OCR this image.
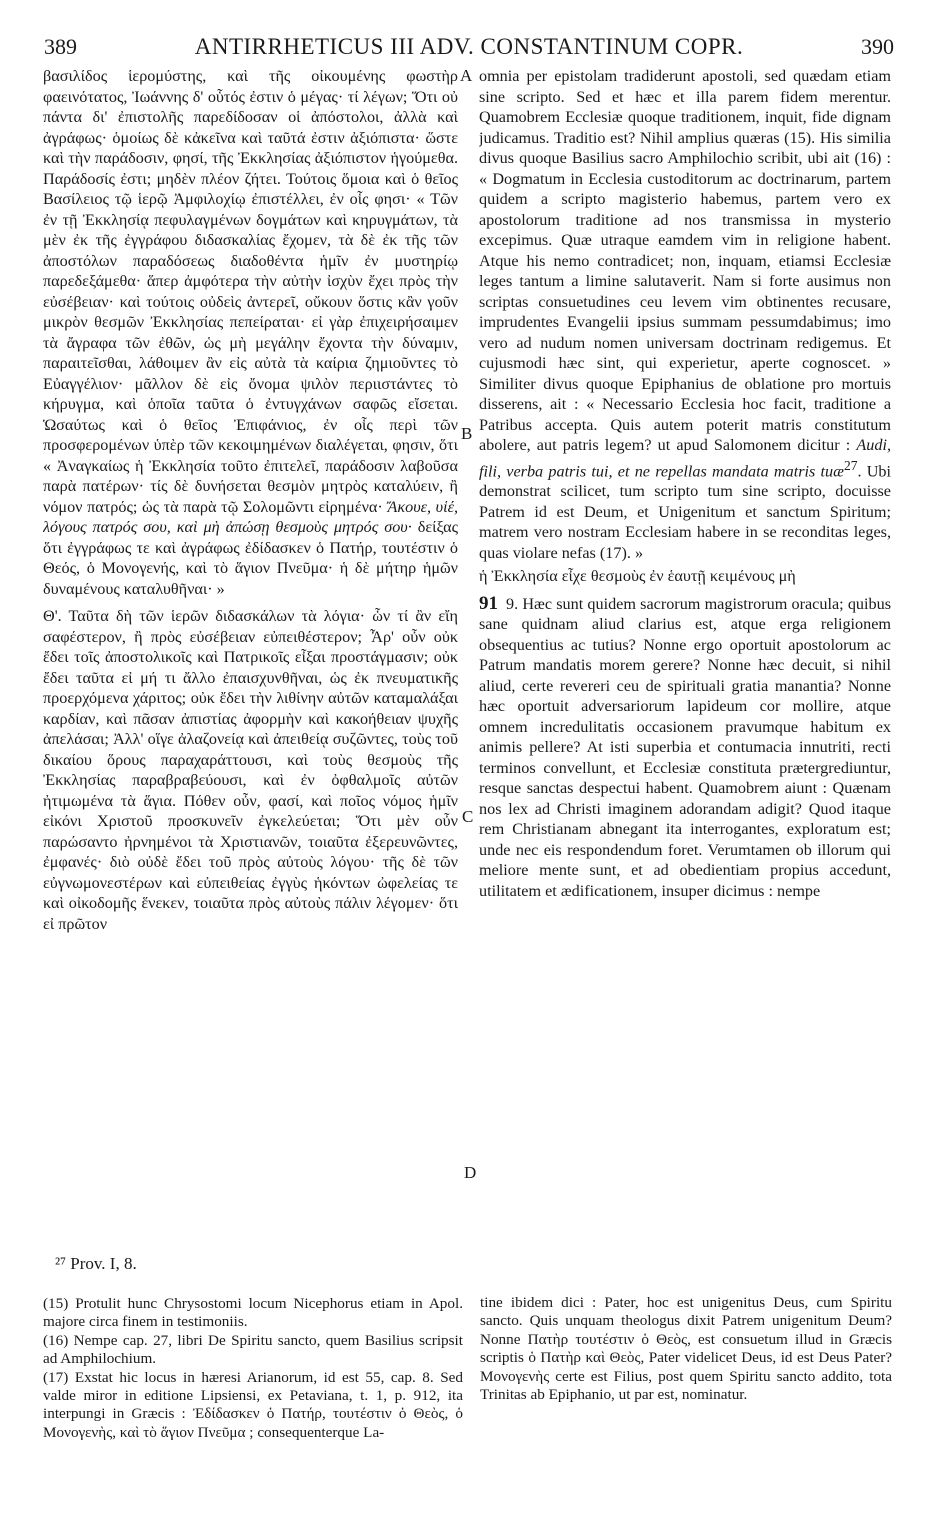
389	ANTIRRHETICUS III ADV. CONSTANTINUM COPR.	390
A
B
C
D

βασιλίδος ἱερομύστης, καὶ τῆς οἰκουμένης φωστὴρ φαεινότατος, Ἰωάννης δ' οὗτός ἐστιν ὁ μέγας· τί λέγων; Ὅτι οὐ πάντα δι' ἐπιστολῆς παρεδίδοσαν οἱ ἀπόστολοι, ἀλλὰ καὶ ἀγράφως· ὁμοίως δὲ κἀκεῖνα καὶ ταῦτά ἐστιν ἀξιόπιστα· ὥστε καὶ τὴν παράδοσιν, φησί, τῆς Ἐκκλησίας ἀξιόπιστον ἡγούμεθα. Παράδοσίς ἐστι; μηδὲν πλέον ζήτει. Τούτοις ὅμοια καὶ ὁ θεῖος Βασίλειος τῷ ἱερῷ Ἀμφιλοχίῳ ἐπιστέλλει, ἐν οἷς φησι· « Τῶν ἐν τῇ Ἐκκλησίᾳ πεφυλαγμένων δογμάτων καὶ κηρυγμάτων, τὰ μὲν ἐκ τῆς ἐγγράφου διδασκαλίας ἔχομεν, τὰ δὲ ἐκ τῆς τῶν ἀποστόλων παραδόσεως διαδοθέντα ἡμῖν ἐν μυστηρίῳ παρεδεξάμεθα· ἅπερ ἀμφότερα τὴν αὐτὴν ἰσχὺν ἔχει πρὸς τὴν εὐσέβειαν· καὶ τούτοις οὐδεὶς ἀντερεῖ, οὔκουν ὅστις κἂν γοῦν μικρὸν θεσμῶν Ἐκκλησίας πεπείραται· εἰ γὰρ ἐπιχειρήσαιμεν τὰ ἄγραφα τῶν ἐθῶν, ὡς μὴ μεγάλην ἔχοντα τὴν δύναμιν, παραιτεῖσθαι, λάθοιμεν ἂν εἰς αὐτὰ τὰ καίρια ζημιοῦντες τὸ Εὐαγγέλιον· μᾶλλον δὲ εἰς ὄνομα ψιλὸν περιιστάντες τὸ κήρυγμα, καὶ ὁποῖα ταῦτα ὁ ἐντυγχάνων σαφῶς εἴσεται. Ὡσαύτως καὶ ὁ θεῖος Ἐπιφάνιος, ἐν οἷς περὶ τῶν προσφερομένων ὑπὲρ τῶν κεκοιμημένων διαλέγεται, φησιν, ὅτι « Ἀναγκαίως ἡ Ἐκκλησία τοῦτο ἐπιτελεῖ, παράδοσιν λαβοῦσα παρὰ πατέρων· τίς δὲ δυνήσεται θεσμὸν μητρὸς καταλύειν, ἢ νόμον πατρός; ὡς τὰ παρὰ τῷ Σολομῶντι εἰρημένα· Ἄκουε, υἱέ, λόγους πατρός σου, καὶ μὴ ἀπώσῃ θεσμοὺς μητρός σου· δείξας ὅτι ἐγγράφως τε καὶ ἀγράφως ἐδίδασκεν ὁ Πατήρ, τουτέστιν ὁ Θεός, ὁ Μονογενής, καὶ τὸ ἅγιον Πνεῦμα· ἡ δὲ μήτηρ ἡμῶν δυναμένους καταλυθῆναι· »

Θ'. Ταῦτα δὴ τῶν ἱερῶν διδασκάλων τὰ λόγια· ὧν τί ἂν εἴη σαφέστερον, ἢ πρὸς εὐσέβειαν εὐπειθέστερον; Ἆρ' οὖν οὐκ ἔδει τοῖς ἀποστολικοῖς καὶ Πατρικοῖς εἶξαι προστάγμασιν; οὐκ ἔδει ταῦτα εἰ μή τι ἄλλο ἐπαισχυνθῆναι, ὡς ἐκ πνευματικῆς προερχόμενα χάριτος; οὐκ ἔδει τὴν λιθίνην αὐτῶν καταμαλάξαι καρδίαν, καὶ πᾶσαν ἀπιστίας ἀφορμὴν καὶ κακοήθειαν ψυχῆς ἀπελάσαι; Ἀλλ' οἵγε ἀλαζονείᾳ καὶ ἀπειθείᾳ συζῶντες, τοὺς τοῦ δικαίου ὅρους παραχαράττουσι, καὶ τοὺς θεσμοὺς τῆς Ἐκκλησίας παραβραβεύουσι, καὶ ἐν ὀφθαλμοῖς αὐτῶν ἠτιμωμένα τὰ ἅγια. Πόθεν οὖν, φασί, καὶ ποῖος νόμος ἡμῖν εἰκόνι Χριστοῦ προσκυνεῖν ἐγκελεύεται; Ὅτι μὲν οὖν παρώσαντο ἠρνημένοι τὰ Χριστιανῶν, τοιαῦτα ἐξερευνῶντες, ἐμφανές· διὸ οὐδὲ ἔδει τοῦ πρὸς αὐτοὺς λόγου· τῆς δὲ τῶν εὐγνωμονεστέρων καὶ εὐπειθείας ἐγγὺς ἡκόντων ὠφελείας τε καὶ οἰκοδομῆς ἕνεκεν, τοιαῦτα πρὸς αὐτοὺς πάλιν λέγομεν· ὅτι εἰ πρῶτον

omnia per epistolam tradiderunt apostoli, sed quædam etiam sine scripto. Sed et hæc et illa parem fidem merentur. Quamobrem Ecclesiæ quoque traditionem, inquit, fide dignam judicamus. Traditio est? Nihil amplius quæras (15). His similia divus quoque Basilius sacro Amphilochio scribit, ubi ait (16) : « Dogmatum in Ecclesia custoditorum ac doctrinarum, partem quidem a scripto magisterio habemus, partem vero ex apostolorum traditione ad nos transmissa in mysterio excepimus. Quæ utraque eamdem vim in religione habent. Atque his nemo contradicet; non, inquam, etiamsi Ecclesiæ leges tantum a limine salutaverit. Nam si forte ausimus non scriptas consuetudines ceu levem vim obtinentes recusare, imprudentes Evangelii ipsius summam pessumdabimus; imo vero ad nudum nomen universam doctrinam redigemus. Et cujusmodi hæc sint, qui experietur, aperte cognoscet. » Similiter divus quoque Epiphanius de oblatione pro mortuis disserens, ait : « Necessario Ecclesia hoc facit, traditione a Patribus accepta. Quis autem poterit matris constitutum abolere, aut patris legem? ut apud Salomonem dicitur : Audi, fili, verba patris tui, et ne repellas mandata matris tuæ$^{27}$. Ubi demonstrat scilicet, tum scripto tum sine scripto, docuisse Patrem id est Deum, et Unigenitum et sanctum Spiritum; matrem vero nostram Ecclesiam habere in se reconditas leges, quas violare nefas (17). »

ἡ Ἐκκλησία εἶχε θεσμοὺς ἐν ἑαυτῇ κειμένους μὴ

91 9. Hæc sunt quidem sacrorum magistrorum oracula; quibus sane quidnam aliud clarius est, atque erga religionem obsequentius ac tutius? Nonne ergo oportuit apostolorum ac Patrum mandatis morem gerere? Nonne hæc decuit, si nihil aliud, certe revereri ceu de spirituali gratia manantia? Nonne hæc oportuit adversariorum lapideum cor mollire, atque omnem incredulitatis occasionem pravumque habitum ex animis pellere? At isti superbia et contumacia innutriti, recti terminos convellunt, et Ecclesiæ constituta prætergrediuntur, resque sanctas despectui habent. Quamobrem aiunt : Quænam nos lex ad Christi imaginem adorandam adigit? Quod itaque rem Christianam abnegant ita interrogantes, exploratum est; unde nec eis respondendum foret. Verumtamen ob illorum qui meliore mente sunt, et ad obedientiam propius accedunt, utilitatem et ædificationem, insuper dicimus : nempe

²⁷ Prov. I, 8.

(15) Protulit hunc Chrysostomi locum Nicephorus etiam in Apol. majore circa finem in testimoniis.

(16) Nempe cap. 27, libri De Spiritu sancto, quem Basilius scripsit ad Amphilochium.

(17) Exstat hic locus in hæresi Arianorum, id est 55, cap. 8. Sed valde miror in editione Lipsiensi, ex Petaviana, t. 1, p. 912, ita interpungi in Græcis : Ἐδίδασκεν ὁ Πατήρ, τουτέστιν ὁ Θεὸς, ὁ Μονογενὴς, καὶ τὸ ἅγιον Πνεῦμα ; consequenterque La-

tine ibidem dici : Pater, hoc est unigenitus Deus, cum Spiritu sancto. Quis unquam theologus dixit Patrem unigenitum Deum? Nonne Πατὴρ τουτέστιν ὁ Θεὸς, est consuetum illud in Græcis scriptis ὁ Πατὴρ καὶ Θεὸς, Pater videlicet Deus, id est Deus Pater? Μονογενὴς certe est Filius, post quem Spiritu sancto addito, tota Trinitas ab Epiphanio, ut par est, nominatur.
